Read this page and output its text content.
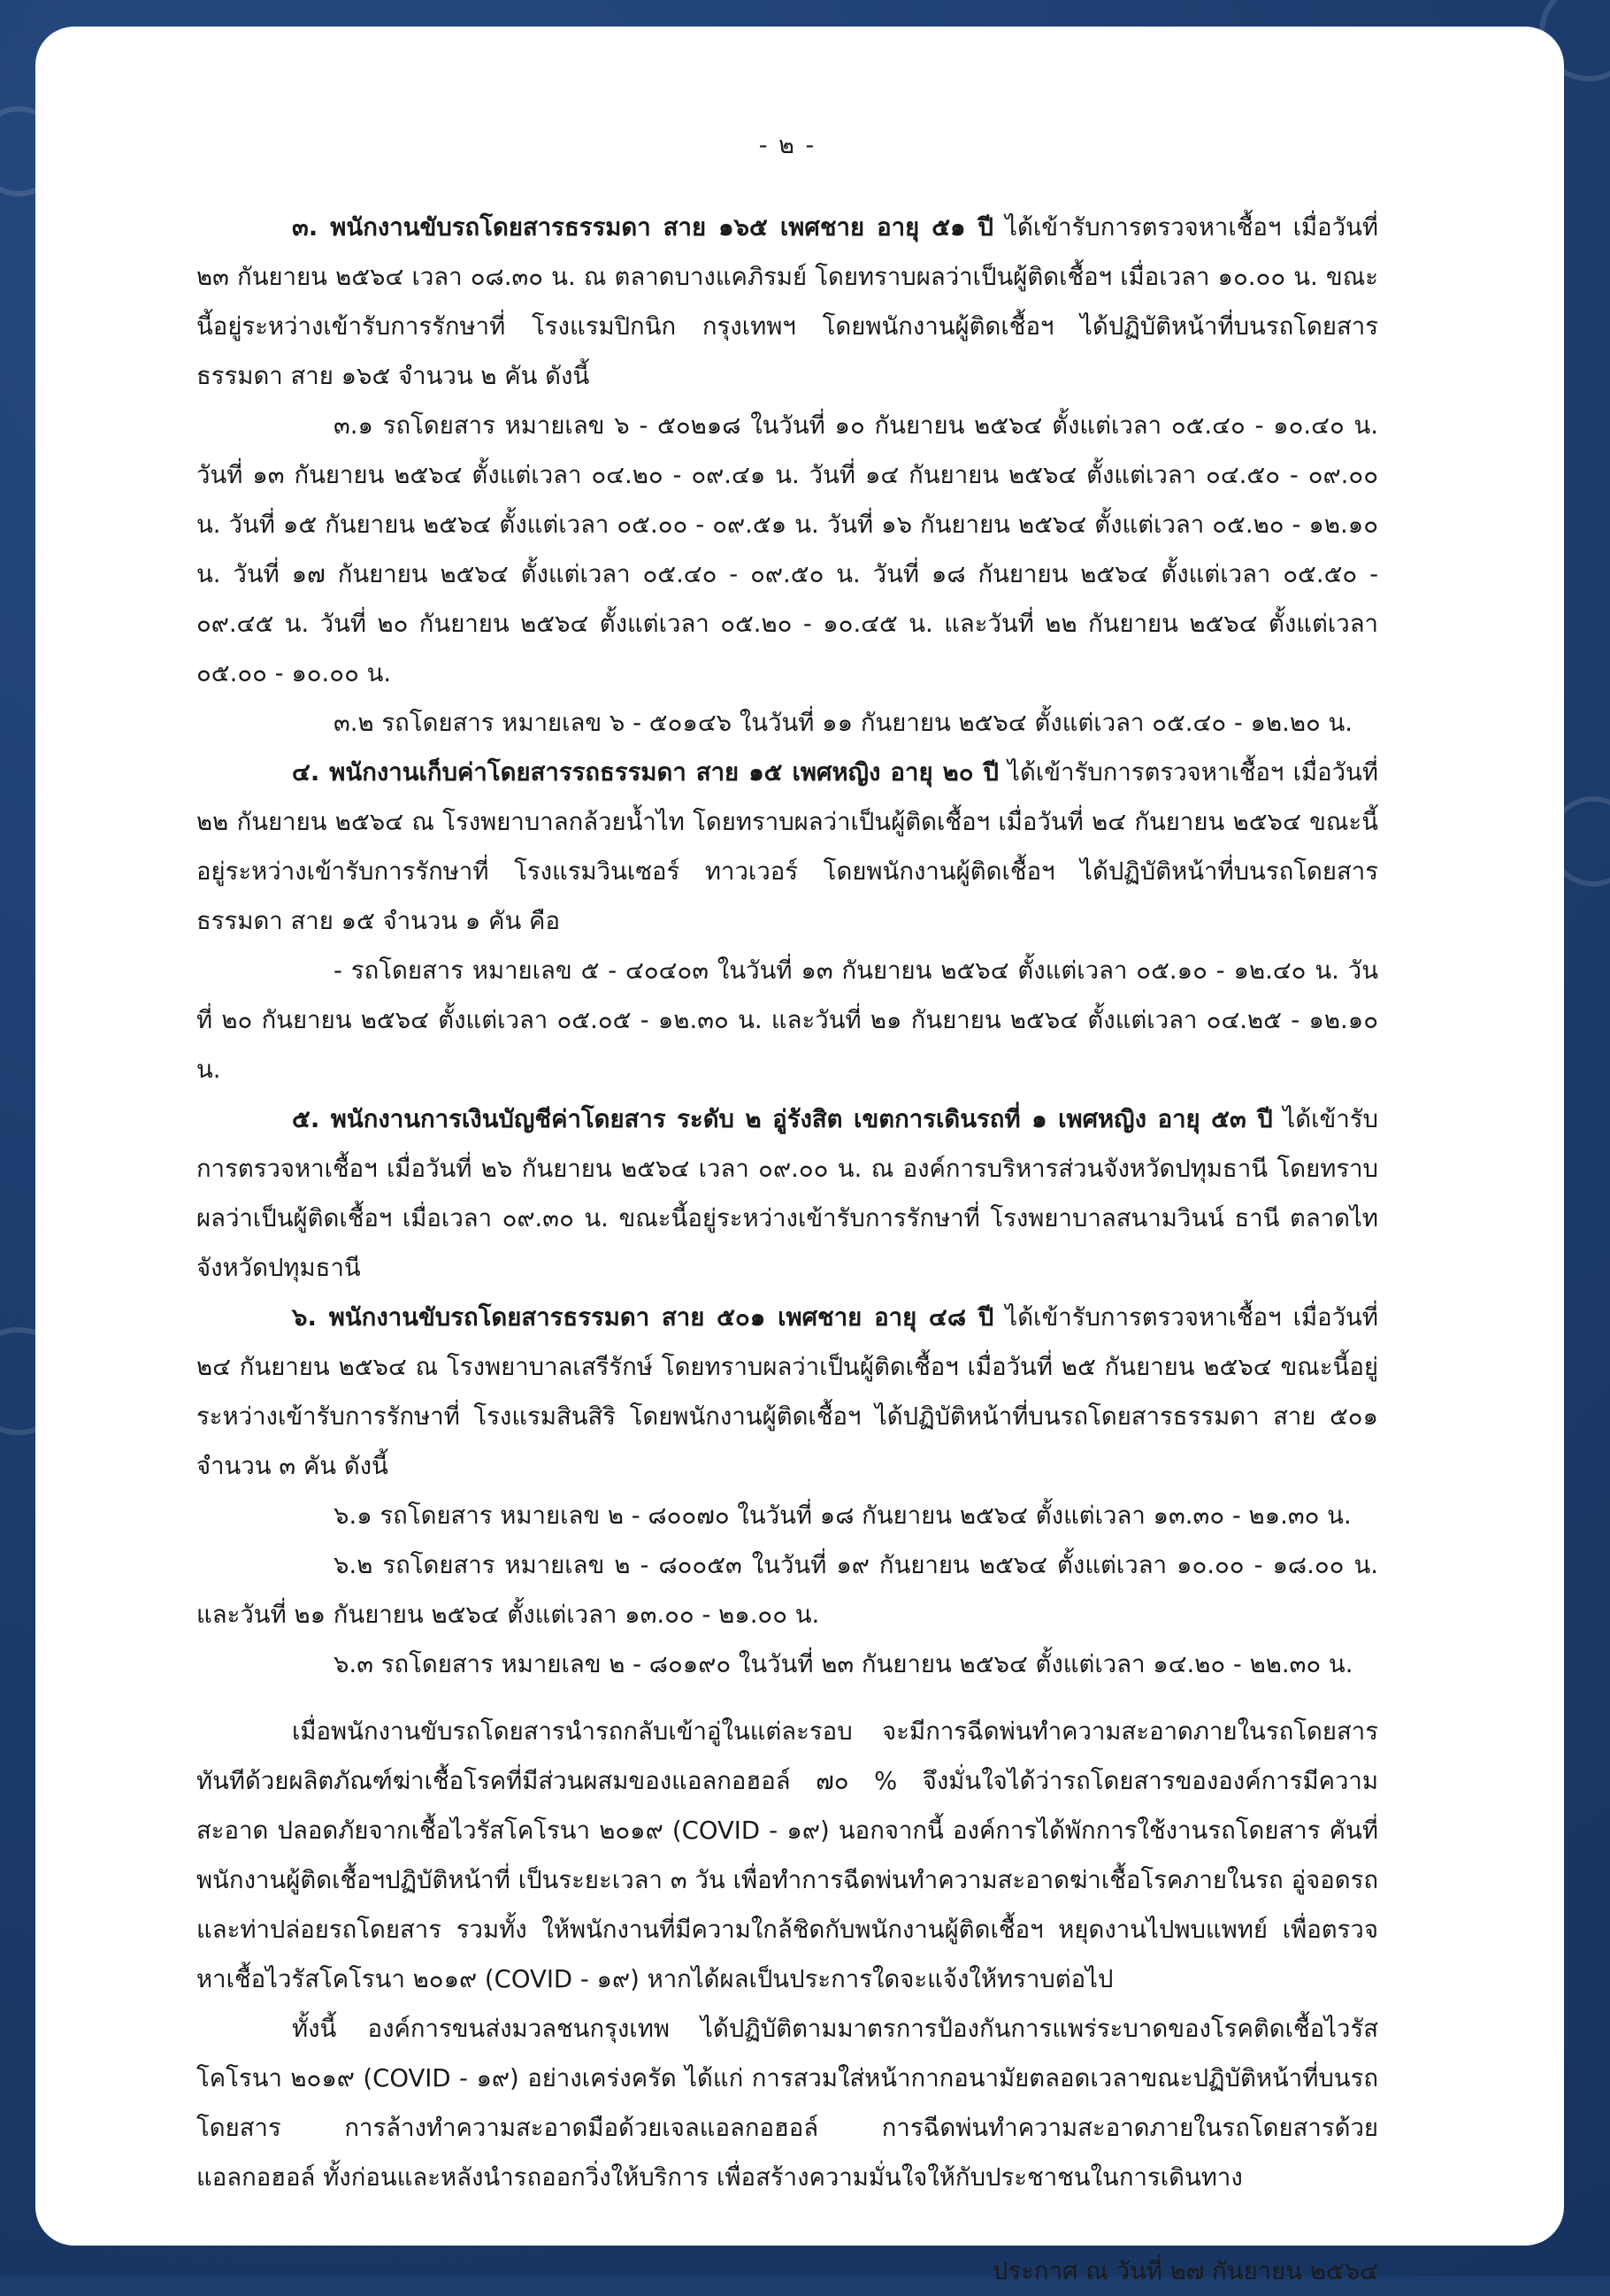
- ๒ -

๓. พนักงานขับรถโดยสารธรรมดา สาย ๑๖๕ เพศชาย อายุ ๕๑ ปี ได้เข้ารับการตรวจหาเชื้อฯ เมื่อวันที่ ๒๓ กันยายน ๒๕๖๔ เวลา ๐๘.๓๐ น. ณ ตลาดบางแคภิรมย์ โดยทราบผลว่าเป็นผู้ติดเชื้อฯ เมื่อเวลา ๑๐.๐๐ น. ขณะนี้อยู่ระหว่างเข้ารับการรักษาที่ โรงแรมปิกนิก กรุงเทพฯ โดยพนักงานผู้ติดเชื้อฯ ได้ปฏิบัติหน้าที่บนรถโดยสารธรรมดา สาย ๑๖๕ จำนวน ๒ คัน ดังนี้

๓.๑ รถโดยสาร หมายเลข ๖ - ๕๐๒๑๘ ในวันที่ ๑๐ กันยายน ๒๕๖๔ ตั้งแต่เวลา ๐๕.๔๐ - ๑๐.๔๐ น. วันที่ ๑๓ กันยายน ๒๕๖๔ ตั้งแต่เวลา ๐๔.๒๐ - ๐๙.๔๑ น. วันที่ ๑๔ กันยายน ๒๕๖๔ ตั้งแต่เวลา ๐๔.๕๐ - ๐๙.๐๐ น. วันที่ ๑๕ กันยายน ๒๕๖๔ ตั้งแต่เวลา ๐๕.๐๐ - ๐๙.๕๑ น. วันที่ ๑๖ กันยายน ๒๕๖๔ ตั้งแต่เวลา ๐๕.๒๐ - ๑๒.๑๐ น. วันที่ ๑๗ กันยายน ๒๕๖๔ ตั้งแต่เวลา ๐๕.๔๐ - ๐๙.๕๐ น. วันที่ ๑๘ กันยายน ๒๕๖๔ ตั้งแต่เวลา ๐๕.๕๐ - ๐๙.๔๕ น. วันที่ ๒๐ กันยายน ๒๕๖๔ ตั้งแต่เวลา ๐๕.๒๐ - ๑๐.๔๕ น. และวันที่ ๒๒ กันยายน ๒๕๖๔ ตั้งแต่เวลา ๐๕.๐๐ - ๑๐.๐๐ น.

๓.๒ รถโดยสาร หมายเลข ๖ - ๕๐๑๔๖ ในวันที่ ๑๑ กันยายน ๒๕๖๔ ตั้งแต่เวลา ๐๕.๔๐ - ๑๒.๒๐ น.

๔. พนักงานเก็บค่าโดยสารรถธรรมดา สาย ๑๕ เพศหญิง อายุ ๒๐ ปี ได้เข้ารับการตรวจหาเชื้อฯ เมื่อวันที่ ๒๒ กันยายน ๒๕๖๔ ณ โรงพยาบาลกล้วยน้ำไท โดยทราบผลว่าเป็นผู้ติดเชื้อฯ เมื่อวันที่ ๒๔ กันยายน ๒๕๖๔ ขณะนี้อยู่ระหว่างเข้ารับการรักษาที่ โรงแรมวินเซอร์ ทาวเวอร์ โดยพนักงานผู้ติดเชื้อฯ ได้ปฏิบัติหน้าที่บนรถโดยสารธรรมดา สาย ๑๕ จำนวน ๑ คัน คือ

- รถโดยสาร หมายเลข ๕ - ๔๐๔๐๓ ในวันที่ ๑๓ กันยายน ๒๕๖๔ ตั้งแต่เวลา ๐๕.๑๐ - ๑๒.๔๐ น. วันที่ ๒๐ กันยายน ๒๕๖๔ ตั้งแต่เวลา ๐๕.๐๕ - ๑๒.๓๐ น. และวันที่ ๒๑ กันยายน ๒๕๖๔ ตั้งแต่เวลา ๐๔.๒๕ - ๑๒.๑๐ น.

๕. พนักงานการเงินบัญชีค่าโดยสาร ระดับ ๒ อู่รังสิต เขตการเดินรถที่ ๑ เพศหญิง อายุ ๕๓ ปี ได้เข้ารับการตรวจหาเชื้อฯ เมื่อวันที่ ๒๖ กันยายน ๒๕๖๔ เวลา ๐๙.๐๐ น. ณ องค์การบริหารส่วนจังหวัดปทุมธานี โดยทราบผลว่าเป็นผู้ติดเชื้อฯ เมื่อเวลา ๐๙.๓๐ น. ขณะนี้อยู่ระหว่างเข้ารับการรักษาที่ โรงพยาบาลสนามวินน์ ธานี ตลาดไท จังหวัดปทุมธานี

๖. พนักงานขับรถโดยสารธรรมดา สาย ๕๐๑ เพศชาย อายุ ๔๘ ปี ได้เข้ารับการตรวจหาเชื้อฯ เมื่อวันที่ ๒๔ กันยายน ๒๕๖๔ ณ โรงพยาบาลเสรีรักษ์ โดยทราบผลว่าเป็นผู้ติดเชื้อฯ เมื่อวันที่ ๒๕ กันยายน ๒๕๖๔ ขณะนี้อยู่ระหว่างเข้ารับการรักษาที่ โรงแรมสินสิริ โดยพนักงานผู้ติดเชื้อฯ ได้ปฏิบัติหน้าที่บนรถโดยสารธรรมดา สาย ๕๐๑ จำนวน ๓ คัน ดังนี้

๖.๑ รถโดยสาร หมายเลข ๒ - ๘๐๐๗๐ ในวันที่ ๑๘ กันยายน ๒๕๖๔ ตั้งแต่เวลา ๑๓.๓๐ - ๒๑.๓๐ น.

๖.๒ รถโดยสาร หมายเลข ๒ - ๘๐๐๕๓ ในวันที่ ๑๙ กันยายน ๒๕๖๔ ตั้งแต่เวลา ๑๐.๐๐ - ๑๘.๐๐ น. และวันที่ ๒๑ กันยายน ๒๕๖๔ ตั้งแต่เวลา ๑๓.๐๐ - ๒๑.๐๐ น.

๖.๓ รถโดยสาร หมายเลข ๒ - ๘๐๑๙๐ ในวันที่ ๒๓ กันยายน ๒๕๖๔ ตั้งแต่เวลา ๑๔.๒๐ - ๒๒.๓๐ น.

เมื่อพนักงานขับรถโดยสารนำรถกลับเข้าอู่ในแต่ละรอบ จะมีการฉีดพ่นทำความสะอาดภายในรถโดยสารทันทีด้วยผลิตภัณฑ์ฆ่าเชื้อโรคที่มีส่วนผสมของแอลกอฮอล์ ๗๐ % จึงมั่นใจได้ว่ารถโดยสารขององค์การมีความสะอาด ปลอดภัยจากเชื้อไวรัสโคโรนา ๒๐๑๙ (COVID - ๑๙) นอกจากนี้ องค์การได้พักการใช้งานรถโดยสาร คันที่พนักงานผู้ติดเชื้อฯปฏิบัติหน้าที่ เป็นระยะเวลา ๓ วัน เพื่อทำการฉีดพ่นทำความสะอาดฆ่าเชื้อโรคภายในรถ อู่จอดรถ และท่าปล่อยรถโดยสาร รวมทั้ง ให้พนักงานที่มีความใกล้ชิดกับพนักงานผู้ติดเชื้อฯ หยุดงานไปพบแพทย์ เพื่อตรวจหาเชื้อไวรัสโคโรนา ๒๐๑๙ (COVID - ๑๙) หากได้ผลเป็นประการใดจะแจ้งให้ทราบต่อไป

ทั้งนี้ องค์การขนส่งมวลชนกรุงเทพ ได้ปฏิบัติตามมาตรการป้องกันการแพร่ระบาดของโรคติดเชื้อไวรัสโคโรนา ๒๐๑๙ (COVID - ๑๙) อย่างเคร่งครัด ได้แก่ การสวมใส่หน้ากากอนามัยตลอดเวลาขณะปฏิบัติหน้าที่บนรถโดยสาร การล้างทำความสะอาดมือด้วยเจลแอลกอฮอล์ การฉีดพ่นทำความสะอาดภายในรถโดยสารด้วยแอลกอฮอล์ ทั้งก่อนและหลังนำรถออกวิ่งให้บริการ เพื่อสร้างความมั่นใจให้กับประชาชนในการเดินทาง

ประกาศ ณ วันที่ ๒๗ กันยายน ๒๕๖๔
